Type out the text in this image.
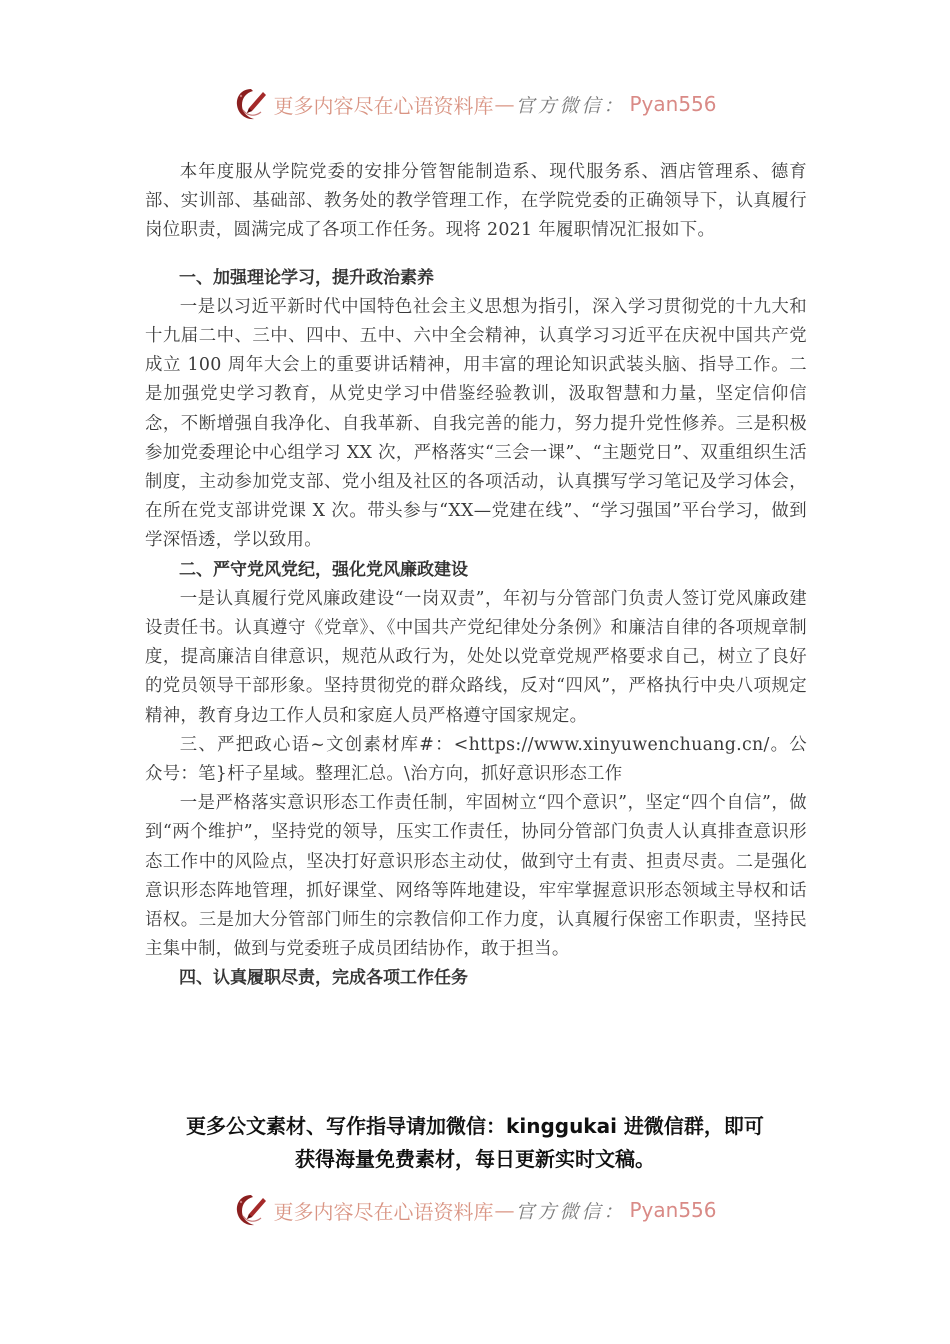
更多内容尽在心语资料库 — 官方微信： Pyan556

本年度服从学院党委的安排分管智能制造系、现代服务系、酒店管理系、德育部、实训部、基础部、教务处的教学管理工作，在学院党委的正确领导下，认真履行岗位职责，圆满完成了各项工作任务。现将 2021 年履职情况汇报如下。

一、加强理论学习，提升政治素养

一是以习近平新时代中国特色社会主义思想为指引，深入学习贯彻党的十九大和十九届二中、三中、四中、五中、六中全会精神，认真学习习近平在庆祝中国共产党成立 100 周年大会上的重要讲话精神，用丰富的理论知识武装头脑、指导工作。二是加强党史学习教育，从党史学习中借鉴经验教训，汲取智慧和力量，坚定信仰信念，不断增强自我净化、自我革新、自我完善的能力，努力提升党性修养。三是积极参加党委理论中心组学习 XX 次，严格落实“三会一课”、“主题党日”、双重组织生活制度，主动参加党支部、党小组及社区的各项活动，认真撰写学习笔记及学习体会，在所在党支部讲党课 X 次。带头参与“XX—党建在线”、“学习强国”平台学习，做到学深悟透，学以致用。

二、严守党风党纪，强化党风廉政建设

一是认真履行党风廉政建设“一岗双责”，年初与分管部门负责人签订党风廉政建设责任书。认真遵守《党章》、《中国共产党纪律处分条例》和廉洁自律的各项规章制度，提高廉洁自律意识，规范从政行为，处处以党章党规严格要求自己，树立了良好的党员领导干部形象。坚持贯彻党的群众路线，反对“四风”，严格执行中央八项规定精神，教育身边工作人员和家庭人员严格遵守国家规定。

三、严把政心语~文创素材库#：<https://www.xinyuwenchuang.cn/。公众号：笔}杆子星域。整理汇总。\治方向，抓好意识形态工作

一是严格落实意识形态工作责任制，牢固树立“四个意识”，坚定“四个自信”，做到“两个维护”，坚持党的领导，压实工作责任，协同分管部门负责人认真排查意识形态工作中的风险点，坚决打好意识形态主动仗，做到守土有责、担责尽责。二是强化意识形态阵地管理，抓好课堂、网络等阵地建设，牢牢掌握意识形态领域主导权和话语权。三是加大分管部门师生的宗教信仰工作力度，认真履行保密工作职责，坚持民主集中制，做到与党委班子成员团结协作，敢于担当。

四、认真履职尽责，完成各项工作任务

更多公文素材、写作指导请加微信：kinggukai 进微信群，即可
获得海量免费素材，每日更新实时文稿。
更多内容尽在心语资料库 — 官方微信： Pyan556
